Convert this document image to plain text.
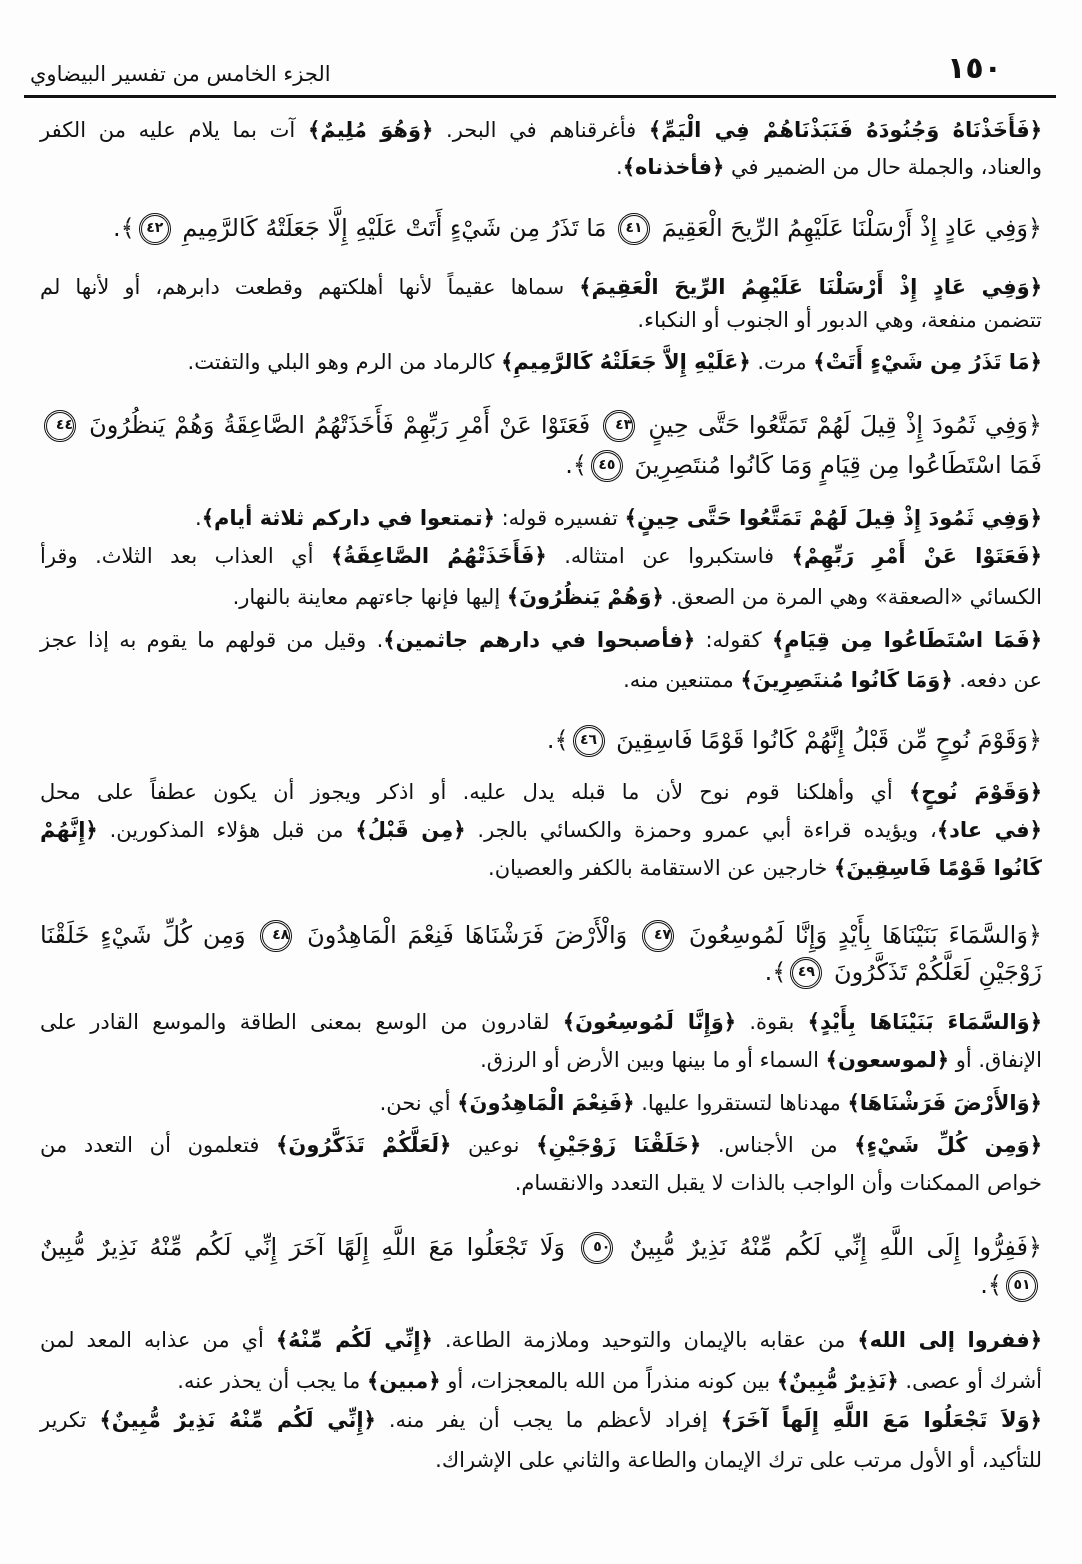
الجزء الخامس من تفسير البيضاوي	١٥٠
﴿فَأَخَذْنَاهُ وَجُنُودَهُ فَنَبَذْنَاهُمْ فِي الْيَمِّ﴾ فأغرقناهم في البحر. ﴿وَهُوَ مُلِيمٌ﴾ آت بما يلام عليه من الكفر
والعناد، والجملة حال من الضمير في ﴿فأخذناه﴾.
﴿وَفِي عَادٍ إِذْ أَرْسَلْنَا عَلَيْهِمُ الرِّيحَ الْعَقِيمَ ٤١ مَا تَذَرُ مِن شَيْءٍ أَتَتْ عَلَيْهِ إِلَّا جَعَلَتْهُ كَالرَّمِيمِ ٤٢﴾.
﴿وَفِي عَادٍ إِذْ أَرْسَلْنَا عَلَيْهِمُ الرِّيحَ الْعَقِيمَ﴾ سماها عقيماً لأنها أهلكتهم وقطعت دابرهم، أو لأنها لم
تتضمن منفعة، وهي الدبور أو الجنوب أو النكباء.
﴿مَا تَذَرُ مِن شَيْءٍ أَتَتْ﴾ مرت. ﴿عَلَيْهِ إِلاَّ جَعَلَتْهُ كَالرَّمِيمِ﴾ كالرماد من الرم وهو البلي والتفتت.
﴿وَفِي ثَمُودَ إِذْ قِيلَ لَهُمْ تَمَتَّعُوا حَتَّى حِينٍ ٤٣ فَعَتَوْا عَنْ أَمْرِ رَبِّهِمْ فَأَخَذَتْهُمُ الصَّاعِقَةُ وَهُمْ يَنظُرُونَ ٤٤
فَمَا اسْتَطَاعُوا مِن قِيَامٍ وَمَا كَانُوا مُنتَصِرِينَ ٤٥﴾.
﴿وَفِي ثَمُودَ إِذْ قِيلَ لَهُمْ تَمَتَّعُوا حَتَّى حِينٍ﴾ تفسيره قوله: ﴿تمتعوا في داركم ثلاثة أيام﴾.
﴿فَعَتَوْا عَنْ أَمْرِ رَبِّهِمْ﴾ فاستكبروا عن امتثاله. ﴿فَأَخَذَتْهُمُ الصَّاعِقَةُ﴾ أي العذاب بعد الثلاث. وقرأ
الكسائي «الصعقة» وهي المرة من الصعق. ﴿وَهُمْ يَنظُرُونَ﴾ إليها فإنها جاءتهم معاينة بالنهار.
﴿فَمَا اسْتَطَاعُوا مِن قِيَامٍ﴾ كقوله: ﴿فأصبحوا في دارهم جاثمين﴾. وقيل من قولهم ما يقوم به إذا عجز
عن دفعه. ﴿وَمَا كَانُوا مُنتَصِرِينَ﴾ ممتنعين منه.
﴿وَقَوْمَ نُوحٍ مِّن قَبْلُ إِنَّهُمْ كَانُوا قَوْمًا فَاسِقِينَ ٤٦﴾.
﴿وَقَوْمَ نُوحٍ﴾ أي وأهلكنا قوم نوح لأن ما قبله يدل عليه. أو اذكر ويجوز أن يكون عطفاً على محل
﴿في عاد﴾، ويؤيده قراءة أبي عمرو وحمزة والكسائي بالجر. ﴿مِن قَبْلُ﴾ من قبل هؤلاء المذكورين. ﴿إِنَّهُمْ
كَانُوا قَوْمًا فَاسِقِينَ﴾ خارجين عن الاستقامة بالكفر والعصيان.
﴿وَالسَّمَاءَ بَنَيْنَاهَا بِأَيْدٍ وَإِنَّا لَمُوسِعُونَ ٤٧ وَالْأَرْضَ فَرَشْنَاهَا فَنِعْمَ الْمَاهِدُونَ ٤٨ وَمِن كُلِّ شَيْءٍ خَلَقْنَا
زَوْجَيْنِ لَعَلَّكُمْ تَذَكَّرُونَ ٤٩﴾.
﴿وَالسَّمَاءَ بَنَيْنَاهَا بِأَيْدٍ﴾ بقوة. ﴿وَإِنَّا لَمُوسِعُونَ﴾ لقادرون من الوسع بمعنى الطاقة والموسع القادر على
الإنفاق. أو ﴿لموسعون﴾ السماء أو ما بينها وبين الأرض أو الرزق.
﴿وَالأَرْضَ فَرَشْنَاهَا﴾ مهدناها لتستقروا عليها. ﴿فَنِعْمَ الْمَاهِدُونَ﴾ أي نحن.
﴿وَمِن كُلِّ شَيْءٍ﴾ من الأجناس. ﴿خَلَقْنَا زَوْجَيْنِ﴾ نوعين ﴿لَعَلَّكُمْ تَذَكَّرُونَ﴾ فتعلمون أن التعدد من
خواص الممكنات وأن الواجب بالذات لا يقبل التعدد والانقسام.
﴿فَفِرُّوا إِلَى اللَّهِ إِنِّي لَكُم مِّنْهُ نَذِيرٌ مُّبِينٌ ٥٠ وَلَا تَجْعَلُوا مَعَ اللَّهِ إِلَهًا آخَرَ إِنِّي لَكُم مِّنْهُ نَذِيرٌ مُّبِينٌ
٥١﴾.
﴿ففروا إلى الله﴾ من عقابه بالإيمان والتوحيد وملازمة الطاعة. ﴿إِنِّي لَكُم مِّنْهُ﴾ أي من عذابه المعد لمن
أشرك أو عصى. ﴿نَذِيرٌ مُّبِينٌ﴾ بين كونه منذراً من الله بالمعجزات، أو ﴿مبين﴾ ما يجب أن يحذر عنه.
﴿وَلاَ تَجْعَلُوا مَعَ اللَّهِ إِلَهاً آخَرَ﴾ إفراد لأعظم ما يجب أن يفر منه. ﴿إِنِّي لَكُم مِّنْهُ نَذِيرٌ مُّبِينٌ﴾ تكرير
للتأكيد، أو الأول مرتب على ترك الإيمان والطاعة والثاني على الإشراك.
